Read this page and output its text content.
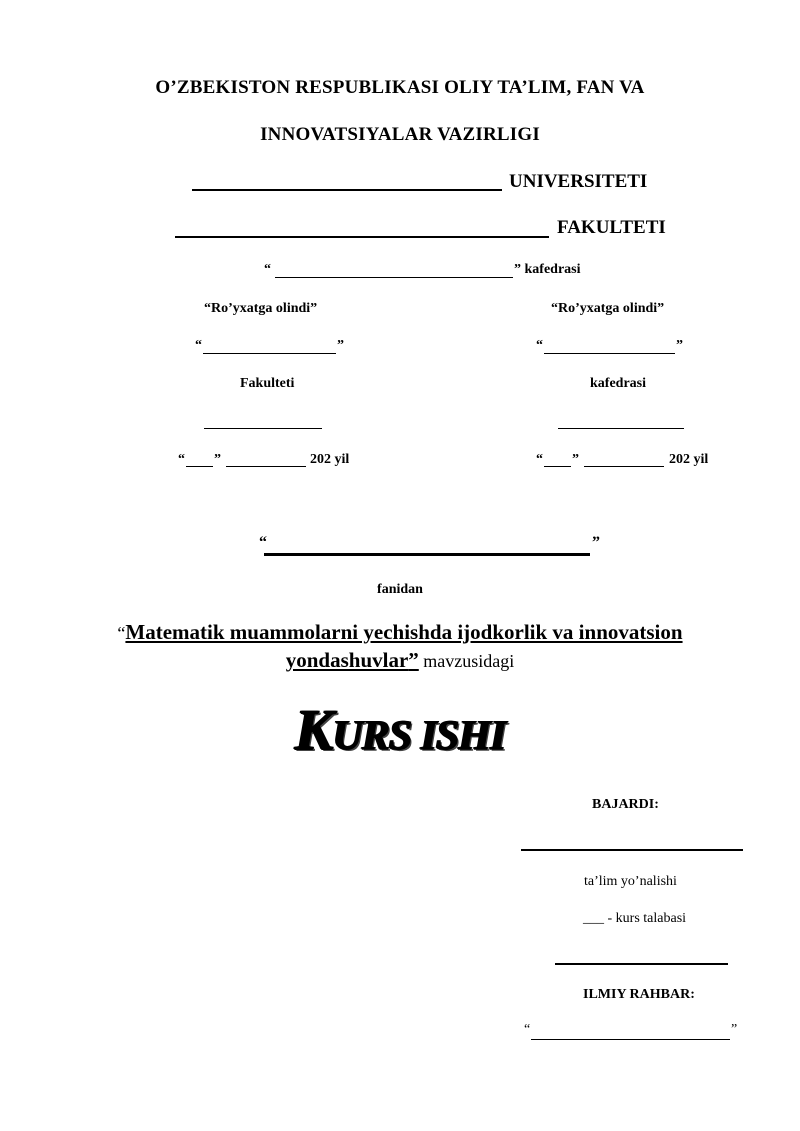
O’ZBEKISTON RESPUBLIKASI OLIY TA’LIM, FAN VA
INNOVATSIYALAR VAZIRLIGI
UNIVERSITETI
FAKULTETI
“	” kafedrasi
“Ro’yxatga olindi”
“	”
Fakulteti
“ ”	202 yil
“Ro’yxatga olindi”
“	”
kafedrasi
“ ”	202 yil
“	”
fanidan
“Matematik muammolarni yechishda ijodkorlik va innovatsion
yondashuvlar” mavzusidagi
KURS ISHI
BAJARDI:
ta’lim yo’nalishi
___ - kurs talabasi
ILMIY RAHBAR:
“	”
